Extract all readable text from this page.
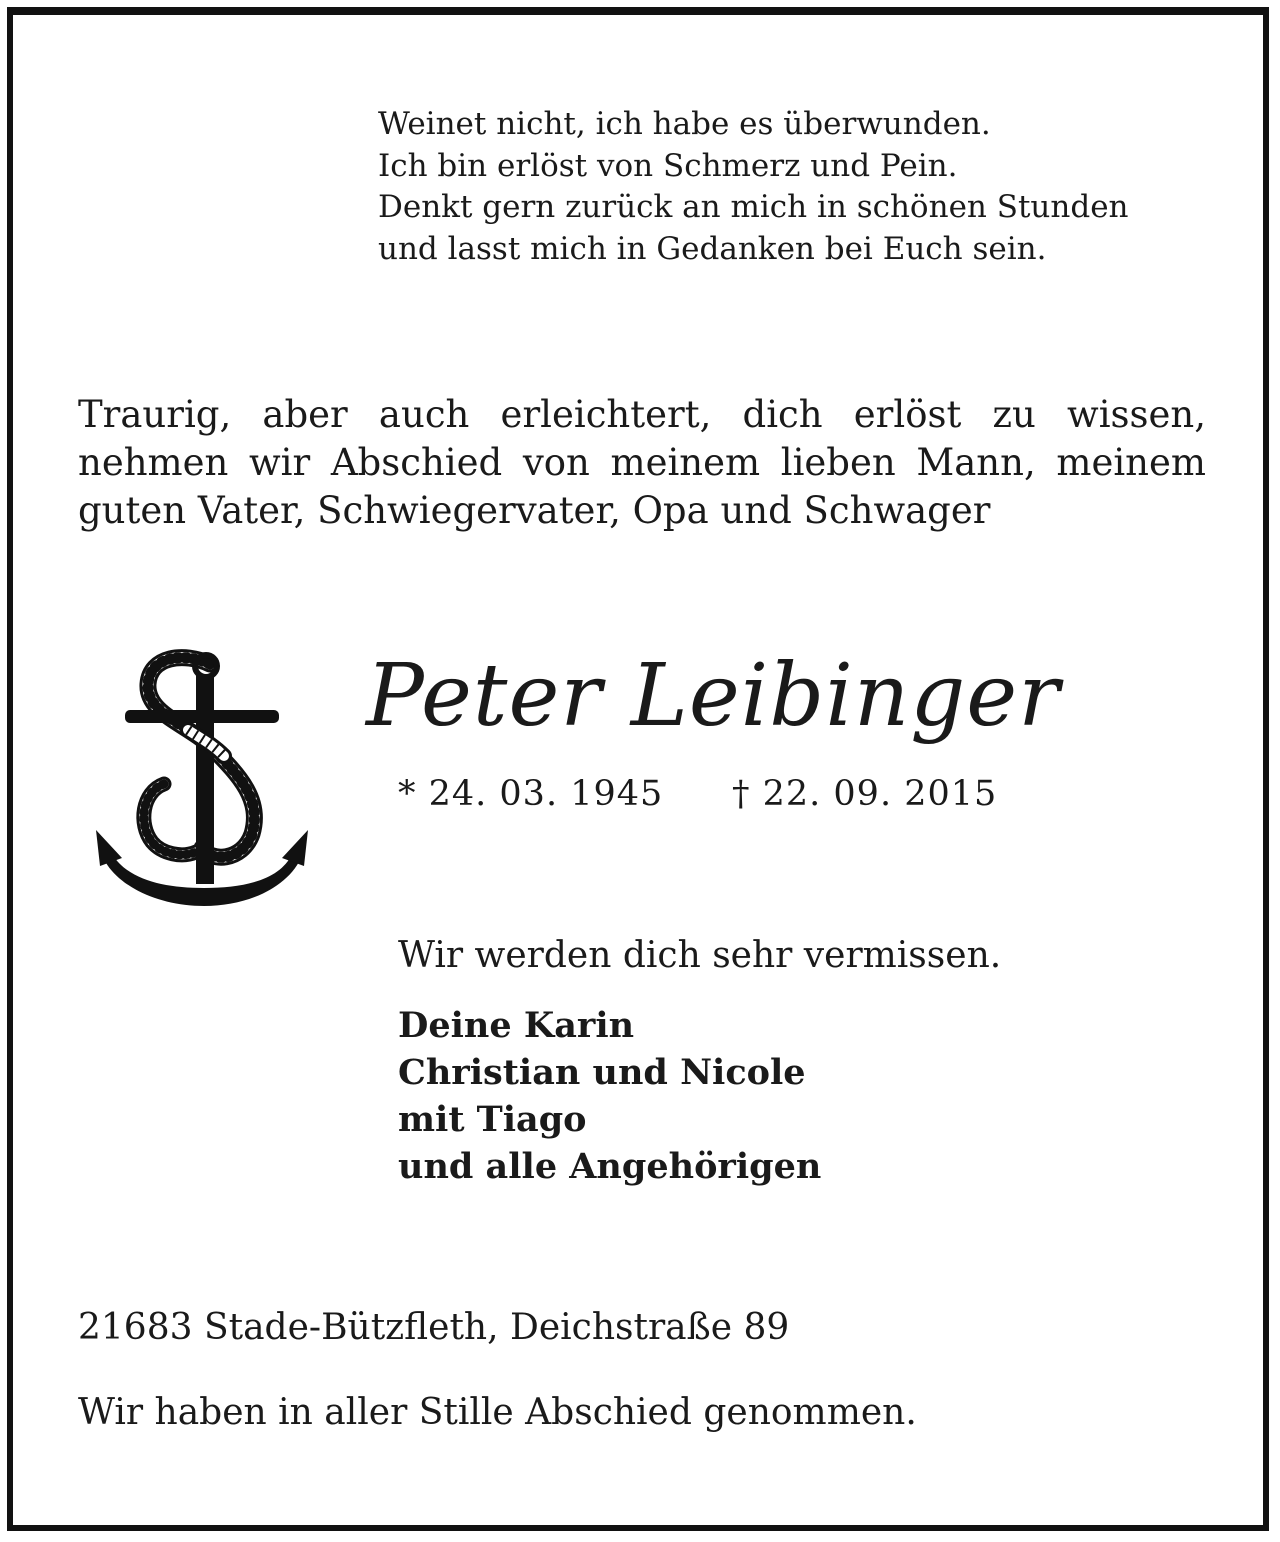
Weinet nicht, ich habe es überwunden.
Ich bin erlöst von Schmerz und Pein.
Denkt gern zurück an mich in schönen Stunden
und lasst mich in Gedanken bei Euch sein.
Traurig, aber auch erleichtert, dich erlöst zu wissen,
nehmen wir Abschied von meinem lieben Mann, meinem
guten Vater, Schwiegervater, Opa und Schwager
Peter Leibinger
* 24. 03. 1945 † 22. 09. 2015
Wir werden dich sehr vermissen.
Deine Karin
Christian und Nicole
mit Tiago
und alle Angehörigen
21683 Stade-Bützfleth, Deichstraße 89
Wir haben in aller Stille Abschied genommen.
